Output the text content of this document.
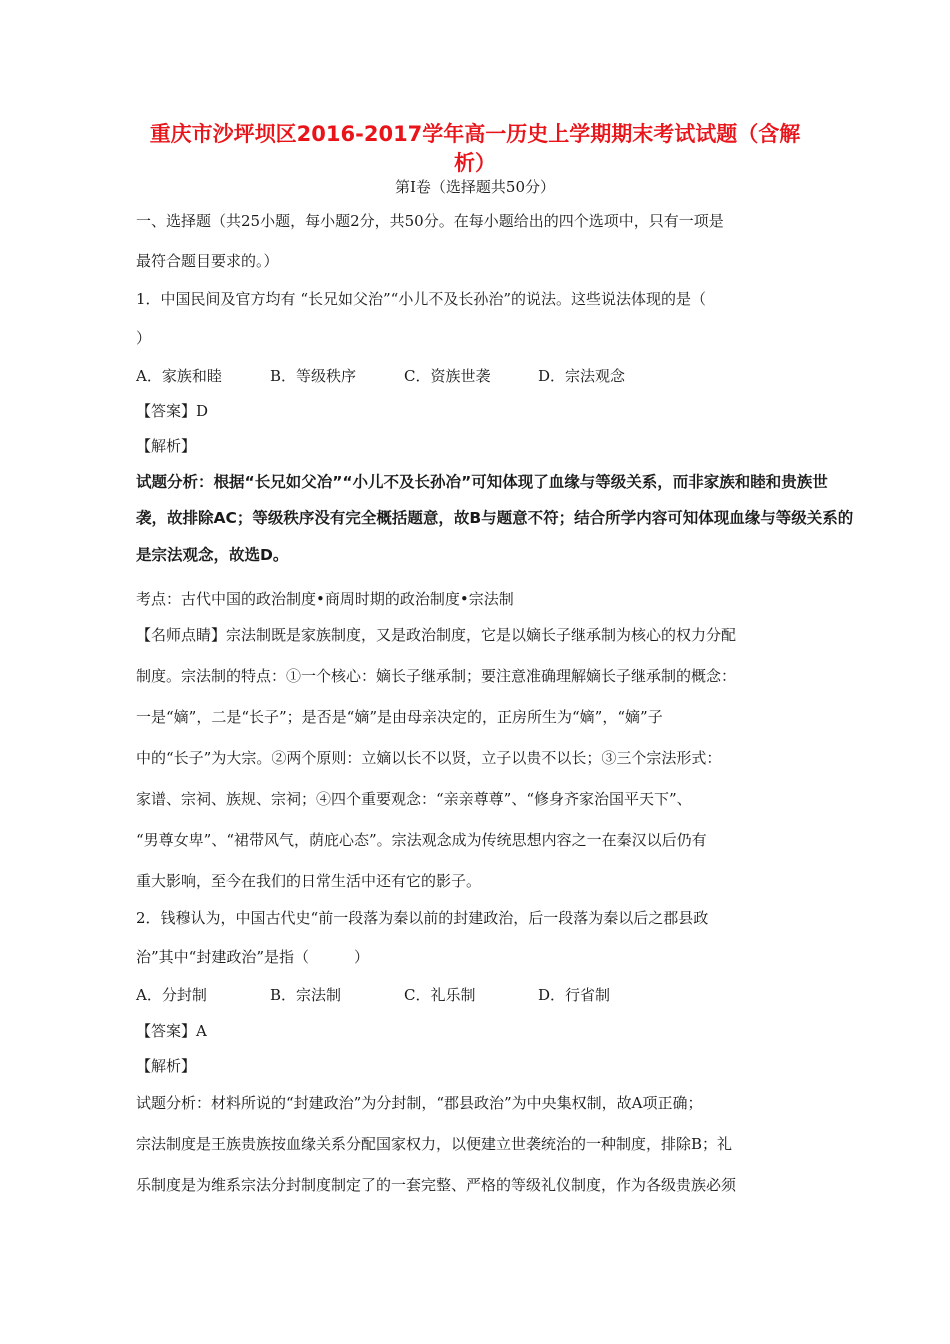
重庆市沙坪坝区2016-2017学年高一历史上学期期末考试试题（含解
析）
第I卷（选择题共50分）

一、选择题（共25小题，每小题2分，共50分。在每小题给出的四个选项中，只有一项是

最符合题目要求的。）

1．中国民间及官方均有 “长兄如父治”“小儿不及长孙治”的说法。这些说法体现的是（

）

A．家族和睦	B．等级秩序	C．资族世袭	D．宗法观念

【答案】D

【解析】

试题分析：根据“长兄如父冶”“小儿不及长孙冶”可知体现了血缘与等级关系，而非家族和睦和贵族世

袭，故排除AC；等级秩序没有完全概括题意，故B与题意不符；结合所学内容可知体现血缘与等级关系的

是宗法观念，故选D。

考点：古代中国的政治制度•商周时期的政治制度•宗法制

【名师点睛】宗法制既是家族制度，又是政治制度，它是以嫡长子继承制为核心的权力分配

制度。宗法制的特点：①一个核心：嫡长子继承制；要注意准确理解嫡长子继承制的概念：

一是“嫡”，二是“长子”；是否是“嫡”是由母亲决定的，正房所生为“嫡”，“嫡”子

中的“长子”为大宗。②两个原则：立嫡以长不以贤，立子以贵不以长；③三个宗法形式：

家谱、宗祠、族规、宗祠；④四个重要观念：“亲亲尊尊”、“修身齐家治国平天下”、

“男尊女卑”、“裙带风气，荫庇心态”。宗法观念成为传统思想内容之一在秦汉以后仍有

重大影响，至今在我们的日常生活中还有它的影子。

2．钱穆认为，中国古代史“前一段落为秦以前的封建政治，后一段落为秦以后之郡县政

治”其中“封建政治”是指（　　　）

A．分封制	B．宗法制	C．礼乐制	D．行省制

【答案】A

【解析】

试题分析：材料所说的“封建政治”为分封制，“郡县政治”为中央集权制，故A项正确；

宗法制度是王族贵族按血缘关系分配国家权力，以便建立世袭统治的一种制度，排除B；礼

乐制度是为维系宗法分封制度制定了的一套完整、严格的等级礼仪制度，作为各级贵族必须
